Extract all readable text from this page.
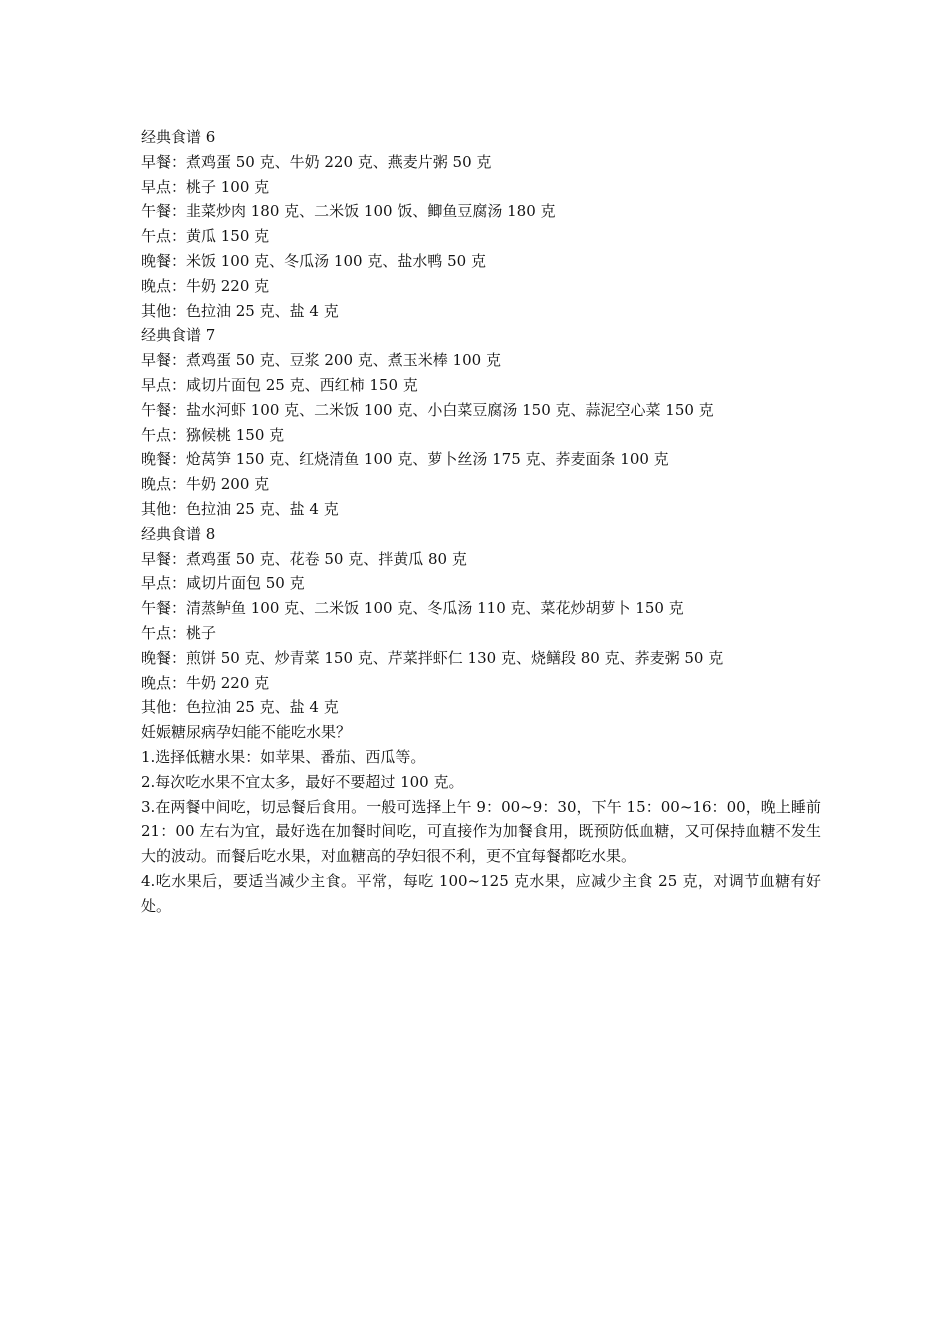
经典食谱 6
早餐：煮鸡蛋 50 克、牛奶 220 克、燕麦片粥 50 克
早点：桃子 100 克
午餐：韭菜炒肉 180 克、二米饭 100 饭、鲫鱼豆腐汤 180 克
午点：黄瓜 150 克
晚餐：米饭 100 克、冬瓜汤 100 克、盐水鸭 50 克
晚点：牛奶 220 克
其他：色拉油 25 克、盐 4 克
经典食谱 7
早餐：煮鸡蛋 50 克、豆浆 200 克、煮玉米棒 100 克
早点：咸切片面包 25 克、西红柿 150 克
午餐：盐水河虾 100 克、二米饭 100 克、小白菜豆腐汤 150 克、蒜泥空心菜 150 克
午点：猕候桃 150 克
晚餐：炝莴笋 150 克、红烧清鱼 100 克、萝卜丝汤 175 克、荞麦面条 100 克
晚点：牛奶 200 克
其他：色拉油 25 克、盐 4 克
经典食谱 8
早餐：煮鸡蛋 50 克、花卷 50 克、拌黄瓜 80 克
早点：咸切片面包 50 克
午餐：清蒸鲈鱼 100 克、二米饭 100 克、冬瓜汤 110 克、菜花炒胡萝卜 150 克
午点：桃子
晚餐：煎饼 50 克、炒青菜 150 克、芹菜拌虾仁 130 克、烧鳝段 80 克、荞麦粥 50 克
晚点：牛奶 220 克
其他：色拉油 25 克、盐 4 克
妊娠糖尿病孕妇能不能吃水果？
1.选择低糖水果：如苹果、番茄、西瓜等。
2.每次吃水果不宜太多，最好不要超过 100 克。
3.在两餐中间吃，切忌餐后食用。一般可选择上午 9：00~9：30，下午 15：00~16：00，晚上睡前 21：00 左右为宜，最好选在加餐时间吃，可直接作为加餐食用，既预防低血糖，又可保持血糖不发生大的波动。而餐后吃水果，对血糖高的孕妇很不利，更不宜每餐都吃水果。
4.吃水果后，要适当减少主食。平常，每吃 100~125 克水果，应减少主食 25 克，对调节血糖有好处。
